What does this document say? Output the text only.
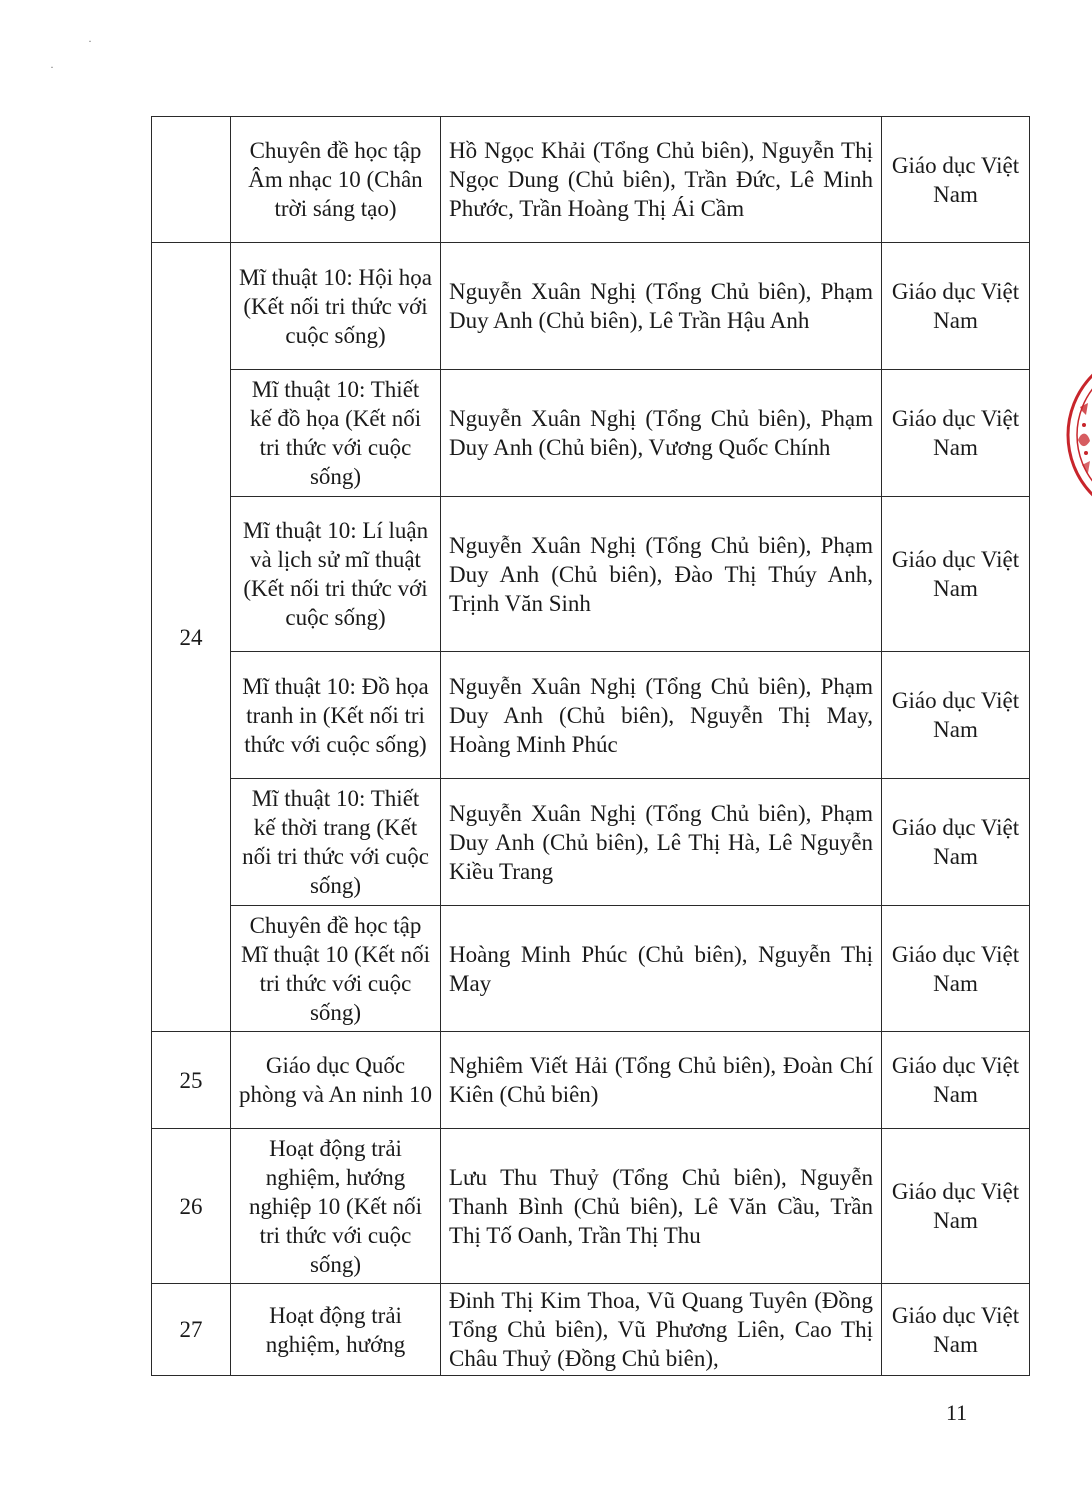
·
·
	Chuyên đề học tập Âm nhạc 10 (Chân trời sáng tạo)	Hồ Ngọc Khải (Tổng Chủ biên), Nguyễn Thị Ngọc Dung (Chủ biên), Trần Đức, Lê Minh Phước, Trần Hoàng Thị Ái Cầm	Giáo dục Việt Nam
24	Mĩ thuật 10: Hội họa (Kết nối tri thức với cuộc sống)	Nguyễn Xuân Nghị (Tổng Chủ biên), Phạm Duy Anh (Chủ biên), Lê Trần Hậu Anh	Giáo dục Việt Nam
	Mĩ thuật 10: Thiết kế đồ họa (Kết nối tri thức với cuộc sống)	Nguyễn Xuân Nghị (Tổng Chủ biên), Phạm Duy Anh (Chủ biên), Vương Quốc Chính	Giáo dục Việt Nam
	Mĩ thuật 10: Lí luận và lịch sử mĩ thuật (Kết nối tri thức với cuộc sống)	Nguyễn Xuân Nghị (Tổng Chủ biên), Phạm Duy Anh (Chủ biên), Đào Thị Thúy Anh, Trịnh Văn Sinh	Giáo dục Việt Nam
	Mĩ thuật 10: Đồ họa tranh in (Kết nối tri thức với cuộc sống)	Nguyễn Xuân Nghị (Tổng Chủ biên), Phạm Duy Anh (Chủ biên), Nguyễn Thị May, Hoàng Minh Phúc	Giáo dục Việt Nam
	Mĩ thuật 10: Thiết kế thời trang (Kết nối tri thức với cuộc sống)	Nguyễn Xuân Nghị (Tổng Chủ biên), Phạm Duy Anh (Chủ biên), Lê Thị Hà, Lê Nguyễn Kiều Trang	Giáo dục Việt Nam
	Chuyên đề học tập Mĩ thuật 10 (Kết nối tri thức với cuộc sống)	Hoàng Minh Phúc (Chủ biên), Nguyễn Thị May	Giáo dục Việt Nam
25	Giáo dục Quốc phòng và An ninh 10	Nghiêm Viết Hải (Tổng Chủ biên), Đoàn Chí Kiên (Chủ biên)	Giáo dục Việt Nam
26	Hoạt động trải nghiệm, hướng nghiệp 10 (Kết nối tri thức với cuộc sống)	Lưu Thu Thuỷ (Tổng Chủ biên), Nguyễn Thanh Bình (Chủ biên), Lê Văn Cầu, Trần Thị Tố Oanh, Trần Thị Thu	Giáo dục Việt Nam
27	Hoạt động trải nghiệm, hướng	Đinh Thị Kim Thoa, Vũ Quang Tuyên (Đồng Tổng Chủ biên), Vũ Phương Liên, Cao Thị Châu Thuỷ (Đồng Chủ biên),	Giáo dục Việt Nam
11
